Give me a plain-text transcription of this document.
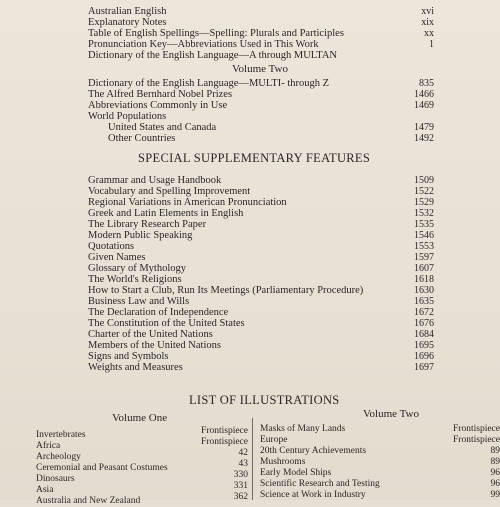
Australian English	xvi
Explanatory Notes	xix
Table of English Spellings—Spelling: Plurals and Participles	xx
Pronunciation Key—Abbreviations Used in This Work	1
Dictionary of the English Language—A through MULTAN
Volume Two
Dictionary of the English Language—MULTI- through Z	835
The Alfred Bernhard Nobel Prizes	1466
Abbreviations Commonly in Use	1469
World Populations
United States and Canada	1479
Other Countries	1492
SPECIAL SUPPLEMENTARY FEATURES
Grammar and Usage Handbook	1509
Vocabulary and Spelling Improvement	1522
Regional Variations in American Pronunciation	1529
Greek and Latin Elements in English	1532
The Library Research Paper	1535
Modern Public Speaking	1546
Quotations	1553
Given Names	1597
Glossary of Mythology	1607
The World's Religions	1618
How to Start a Club, Run Its Meetings (Parliamentary Procedure)	1630
Business Law and Wills	1635
The Declaration of Independence	1672
The Constitution of the United States	1676
Charter of the United Nations	1684
Members of the United Nations	1695
Signs and Symbols	1696
Weights and Measures	1697
LIST OF ILLUSTRATIONS
Volume One	Volume Two
Invertebrates	Frontispiece
Africa	Frontispiece
Archeology	42
Ceremonial and Peasant Costumes	43
Dinosaurs	330
Asia	331
Australia and New Zealand	362
Masks of Many Lands	Frontispiece
Europe	Frontispiece
20th Century Achievements	89
Mushrooms	89
Early Model Ships	96
Scientific Research and Testing	96
Science at Work in Industry	99
